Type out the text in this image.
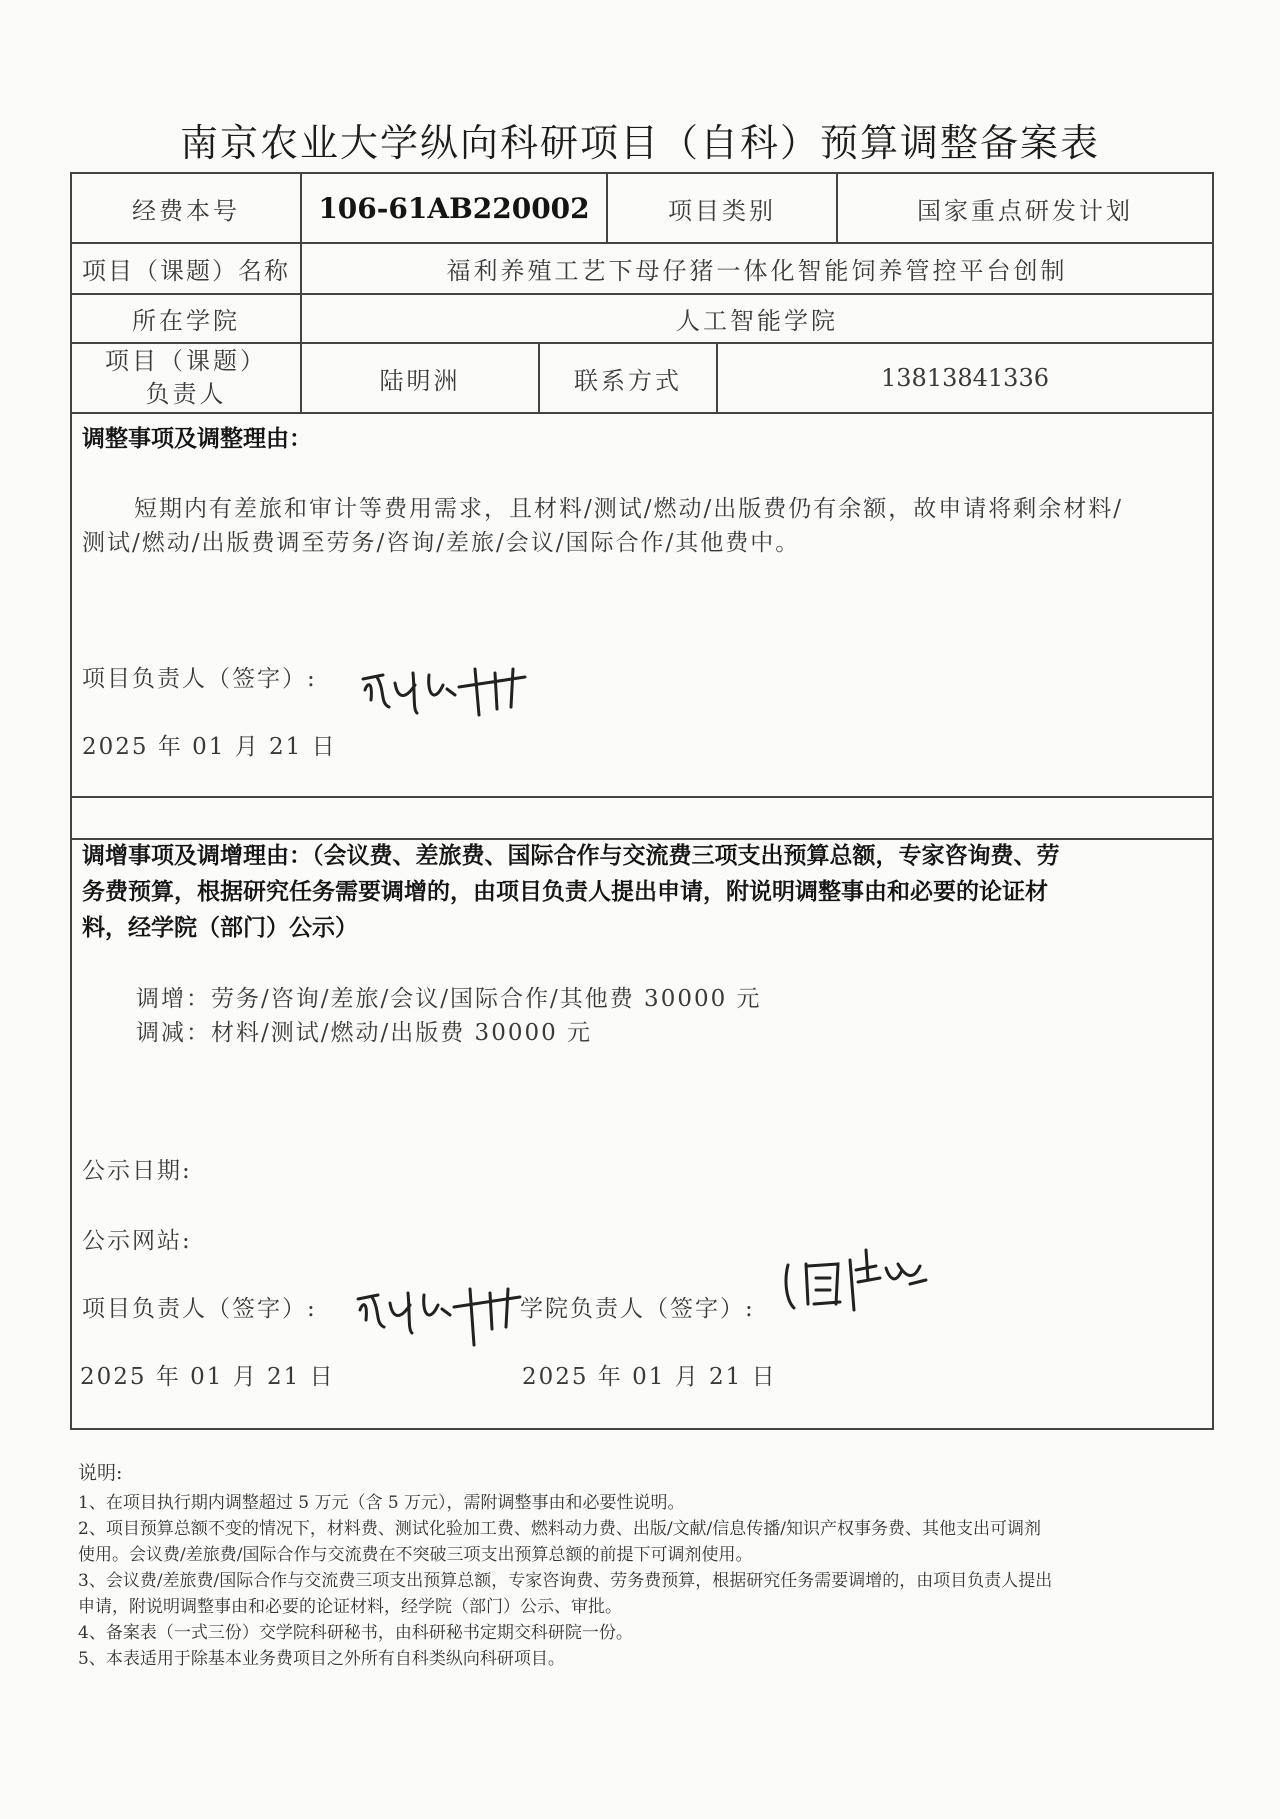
南京农业大学纵向科研项目（自科）预算调整备案表
经费本号	106-61AB220002	项目类别	国家重点研发计划
项目（课题）名称	福利养殖工艺下母仔猪一体化智能饲养管控平台创制
所在学院	人工智能学院
项目（课题）
负责人	陆明洲	联系方式	13813841336
调整事项及调整理由：
短期内有差旅和审计等费用需求，且材料/测试/燃动/出版费仍有余额，故申请将剩余材料/
测试/燃动/出版费调至劳务/咨询/差旅/会议/国际合作/其他费中。
项目负责人（签字）:
2025 年 01 月 21 日
调增事项及调增理由：（会议费、差旅费、国际合作与交流费三项支出预算总额，专家咨询费、劳
务费预算，根据研究任务需要调增的，由项目负责人提出申请，附说明调整事由和必要的论证材
料，经学院（部门）公示）
调增：劳务/咨询/差旅/会议/国际合作/其他费 30000 元
调减：材料/测试/燃动/出版费 30000 元
公示日期:
公示网站:
项目负责人（签字）:	学院负责人（签字）:
2025 年 01 月 21 日	2025 年 01 月 21 日
说明:
1、在项目执行期内调整超过 5 万元（含 5 万元），需附调整事由和必要性说明。
2、项目预算总额不变的情况下，材料费、测试化验加工费、燃料动力费、出版/文献/信息传播/知识产权事务费、其他支出可调剂
使用。会议费/差旅费/国际合作与交流费在不突破三项支出预算总额的前提下可调剂使用。
3、会议费/差旅费/国际合作与交流费三项支出预算总额，专家咨询费、劳务费预算，根据研究任务需要调增的，由项目负责人提出
申请，附说明调整事由和必要的论证材料，经学院（部门）公示、审批。
4、备案表（一式三份）交学院科研秘书，由科研秘书定期交科研院一份。
5、本表适用于除基本业务费项目之外所有自科类纵向科研项目。
